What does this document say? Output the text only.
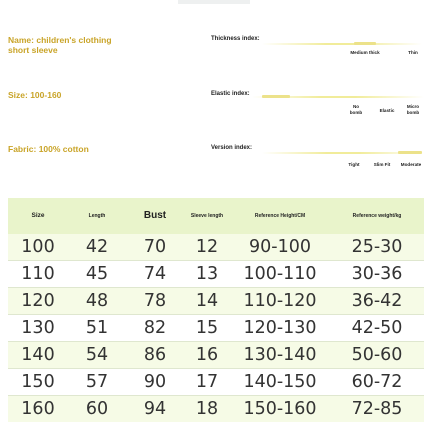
Name: children's clothing
short sleeve
Size: 100-160
Fabric: 100% cotton
Thickness index:
Medium thick	Thin
Elastic index:
No bomb	Elastic
Micro bomb
Version index:
Tight	Slim Fit	Moderate
Size	Length	Bust	Sleeve length	Reference Height/CM	Reference weight/kg
100	42	70	12	90-100	25-30
110	45	74	13	100-110	30-36
120	48	78	14	110-120	36-42
130	51	82	15	120-130	42-50
140	54	86	16	130-140	50-60
150	57	90	17	140-150	60-72
160	60	94	18	150-160	72-85
